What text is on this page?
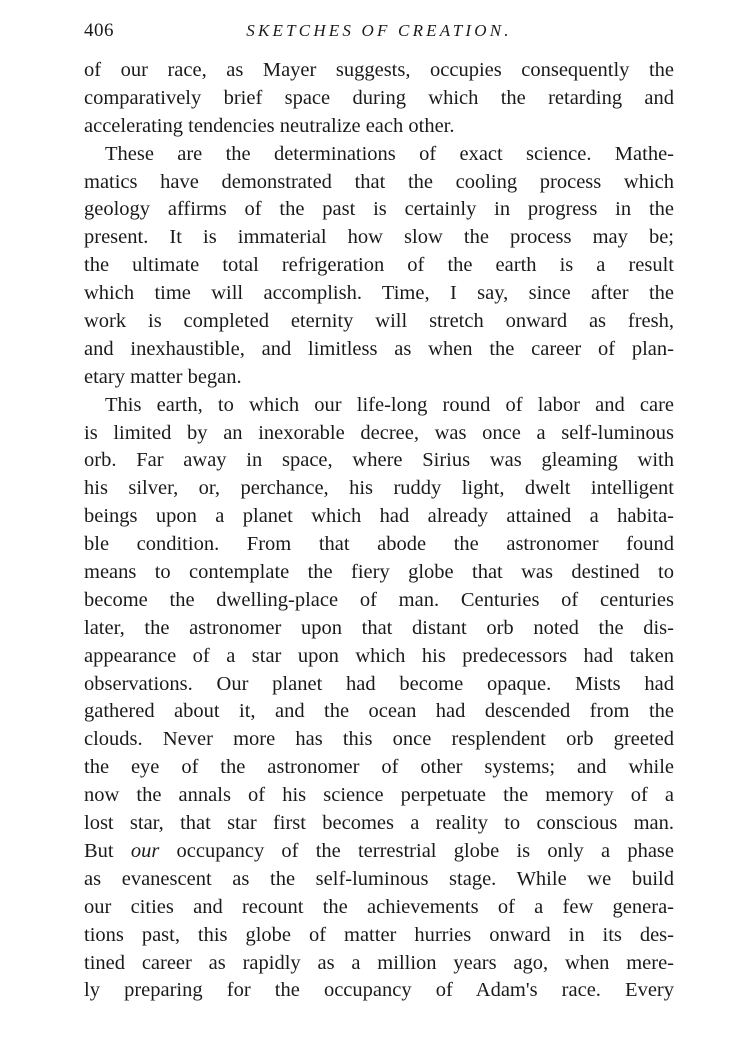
406	SKETCHES OF CREATION.
of our race, as Mayer suggests, occupies consequently the
comparatively brief space during which the retarding and
accelerating tendencies neutralize each other.
These are the determinations of exact science. Mathe-
matics have demonstrated that the cooling process which
geology affirms of the past is certainly in progress in the
present. It is immaterial how slow the process may be;
the ultimate total refrigeration of the earth is a result
which time will accomplish. Time, I say, since after the
work is completed eternity will stretch onward as fresh,
and inexhaustible, and limitless as when the career of plan-
etary matter began.
This earth, to which our life-long round of labor and care
is limited by an inexorable decree, was once a self-luminous
orb. Far away in space, where Sirius was gleaming with
his silver, or, perchance, his ruddy light, dwelt intelligent
beings upon a planet which had already attained a habita-
ble condition. From that abode the astronomer found
means to contemplate the fiery globe that was destined to
become the dwelling-place of man. Centuries of centuries
later, the astronomer upon that distant orb noted the dis-
appearance of a star upon which his predecessors had taken
observations. Our planet had become opaque. Mists had
gathered about it, and the ocean had descended from the
clouds. Never more has this once resplendent orb greeted
the eye of the astronomer of other systems; and while
now the annals of his science perpetuate the memory of a
lost star, that star first becomes a reality to conscious man.
But our occupancy of the terrestrial globe is only a phase
as evanescent as the self-luminous stage. While we build
our cities and recount the achievements of a few genera-
tions past, this globe of matter hurries onward in its des-
tined career as rapidly as a million years ago, when mere-
ly preparing for the occupancy of Adam's race. Every
